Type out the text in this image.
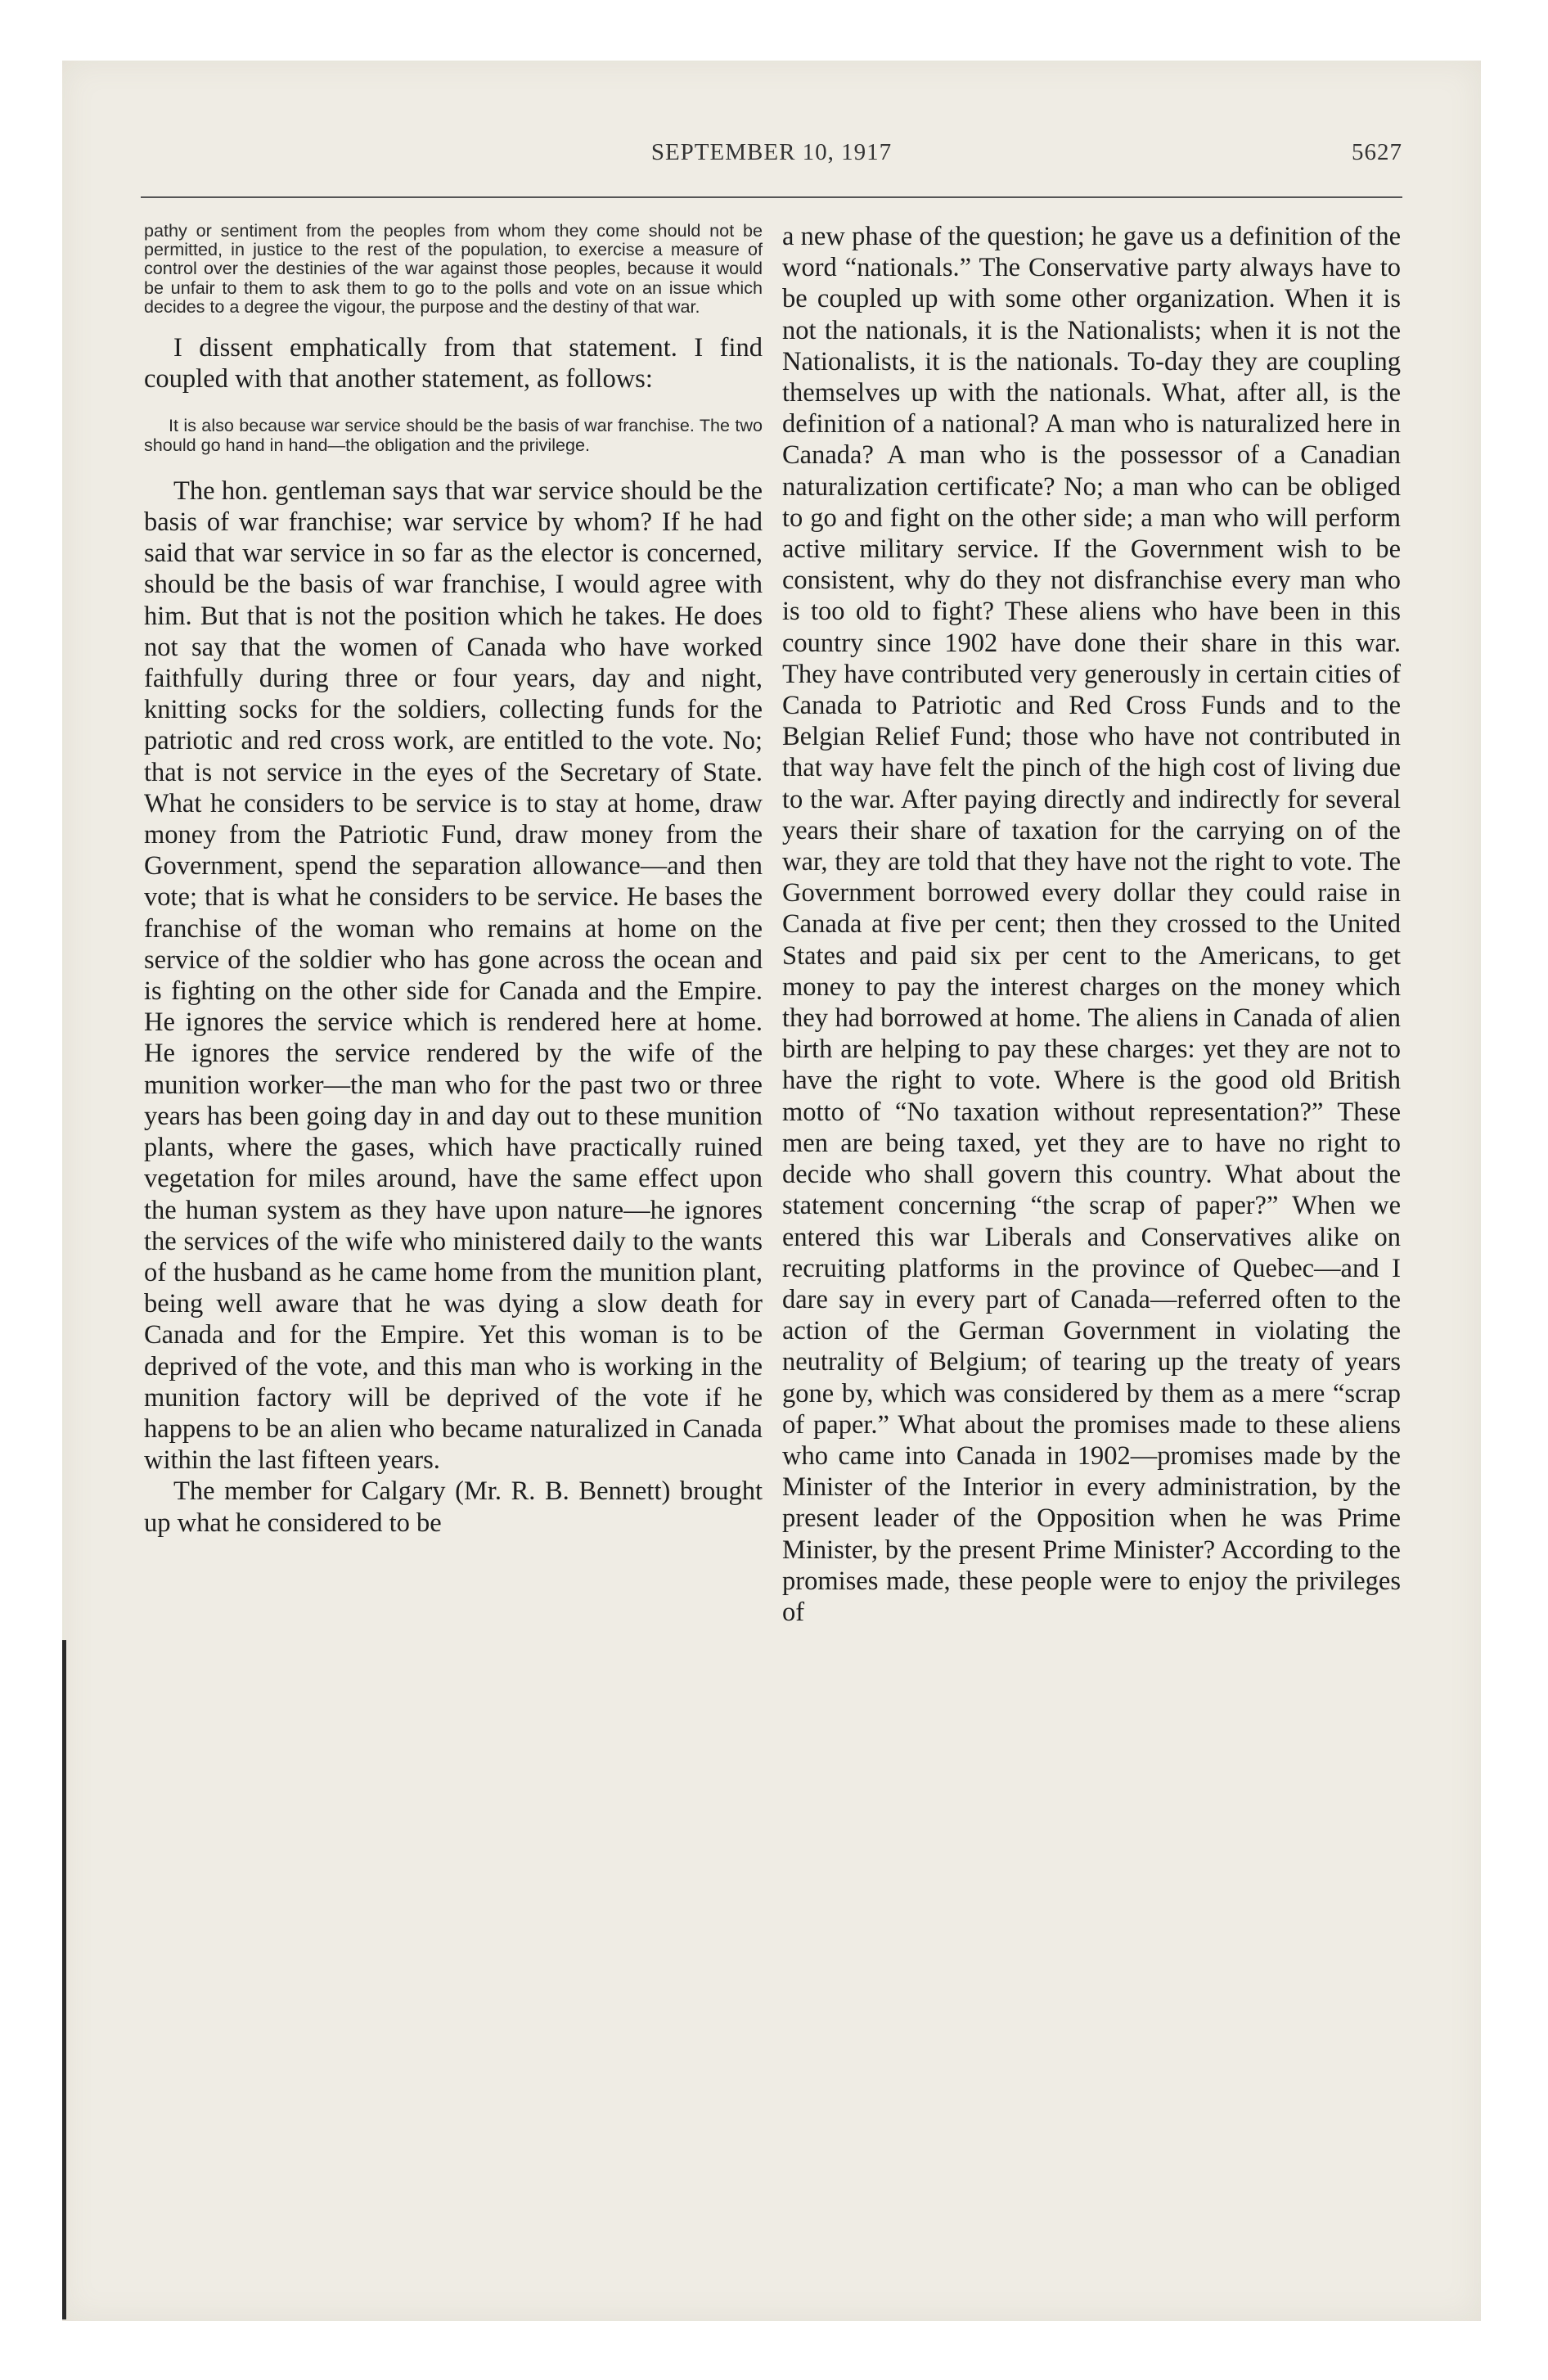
SEPTEMBER 10, 1917	5627

pathy or sentiment from the peoples from whom they come should not be permitted, in justice to the rest of the population, to exercise a measure of control over the destinies of the war against those peoples, because it would be unfair to them to ask them to go to the polls and vote on an issue which decides to a degree the vigour, the purpose and the destiny of that war.

I dissent emphatically from that statement. I find coupled with that another statement, as follows:

It is also because war service should be the basis of war franchise. The two should go hand in hand—the obligation and the privilege.

The hon. gentleman says that war service should be the basis of war franchise; war service by whom? If he had said that war service in so far as the elector is concerned, should be the basis of war franchise, I would agree with him. But that is not the position which he takes. He does not say that the women of Canada who have worked faithfully during three or four years, day and night, knitting socks for the soldiers, collecting funds for the patriotic and red cross work, are entitled to the vote. No; that is not service in the eyes of the Secretary of State. What he considers to be service is to stay at home, draw money from the Patriotic Fund, draw money from the Government, spend the separation allowance—and then vote; that is what he considers to be service. He bases the franchise of the woman who remains at home on the service of the soldier who has gone across the ocean and is fighting on the other side for Canada and the Empire. He ignores the service which is rendered here at home. He ignores the service rendered by the wife of the munition worker—the man who for the past two or three years has been going day in and day out to these munition plants, where the gases, which have practically ruined vegetation for miles around, have the same effect upon the human system as they have upon nature—he ignores the services of the wife who ministered daily to the wants of the husband as he came home from the munition plant, being well aware that he was dying a slow death for Canada and for the Empire. Yet this woman is to be deprived of the vote, and this man who is working in the munition factory will be deprived of the vote if he happens to be an alien who became naturalized in Canada within the last fifteen years.

The member for Calgary (Mr. R. B. Bennett) brought up what he considered to be

a new phase of the question; he gave us a definition of the word “nationals.” The Conservative party always have to be coupled up with some other organization. When it is not the nationals, it is the Nationalists; when it is not the Nationalists, it is the nationals. To-day they are coupling themselves up with the nationals. What, after all, is the definition of a national? A man who is naturalized here in Canada? A man who is the possessor of a Canadian naturalization certificate? No; a man who can be obliged to go and fight on the other side; a man who will perform active military service. If the Government wish to be consistent, why do they not disfranchise every man who is too old to fight? These aliens who have been in this country since 1902 have done their share in this war. They have contributed very generously in certain cities of Canada to Patriotic and Red Cross Funds and to the Belgian Relief Fund; those who have not contributed in that way have felt the pinch of the high cost of living due to the war. After paying directly and indirectly for several years their share of taxation for the carrying on of the war, they are told that they have not the right to vote. The Government borrowed every dollar they could raise in Canada at five per cent; then they crossed to the United States and paid six per cent to the Americans, to get money to pay the interest charges on the money which they had borrowed at home. The aliens in Canada of alien birth are helping to pay these charges: yet they are not to have the right to vote. Where is the good old British motto of “No taxation without representation?” These men are being taxed, yet they are to have no right to decide who shall govern this country. What about the statement concerning “the scrap of paper?” When we entered this war Liberals and Conservatives alike on recruiting platforms in the province of Quebec—and I dare say in every part of Canada—referred often to the action of the German Government in violating the neutrality of Belgium; of tearing up the treaty of years gone by, which was considered by them as a mere “scrap of paper.” What about the promises made to these aliens who came into Canada in 1902—promises made by the Minister of the Interior in every administration, by the present leader of the Opposition when he was Prime Minister, by the present Prime Minister? According to the promises made, these people were to enjoy the privileges of
